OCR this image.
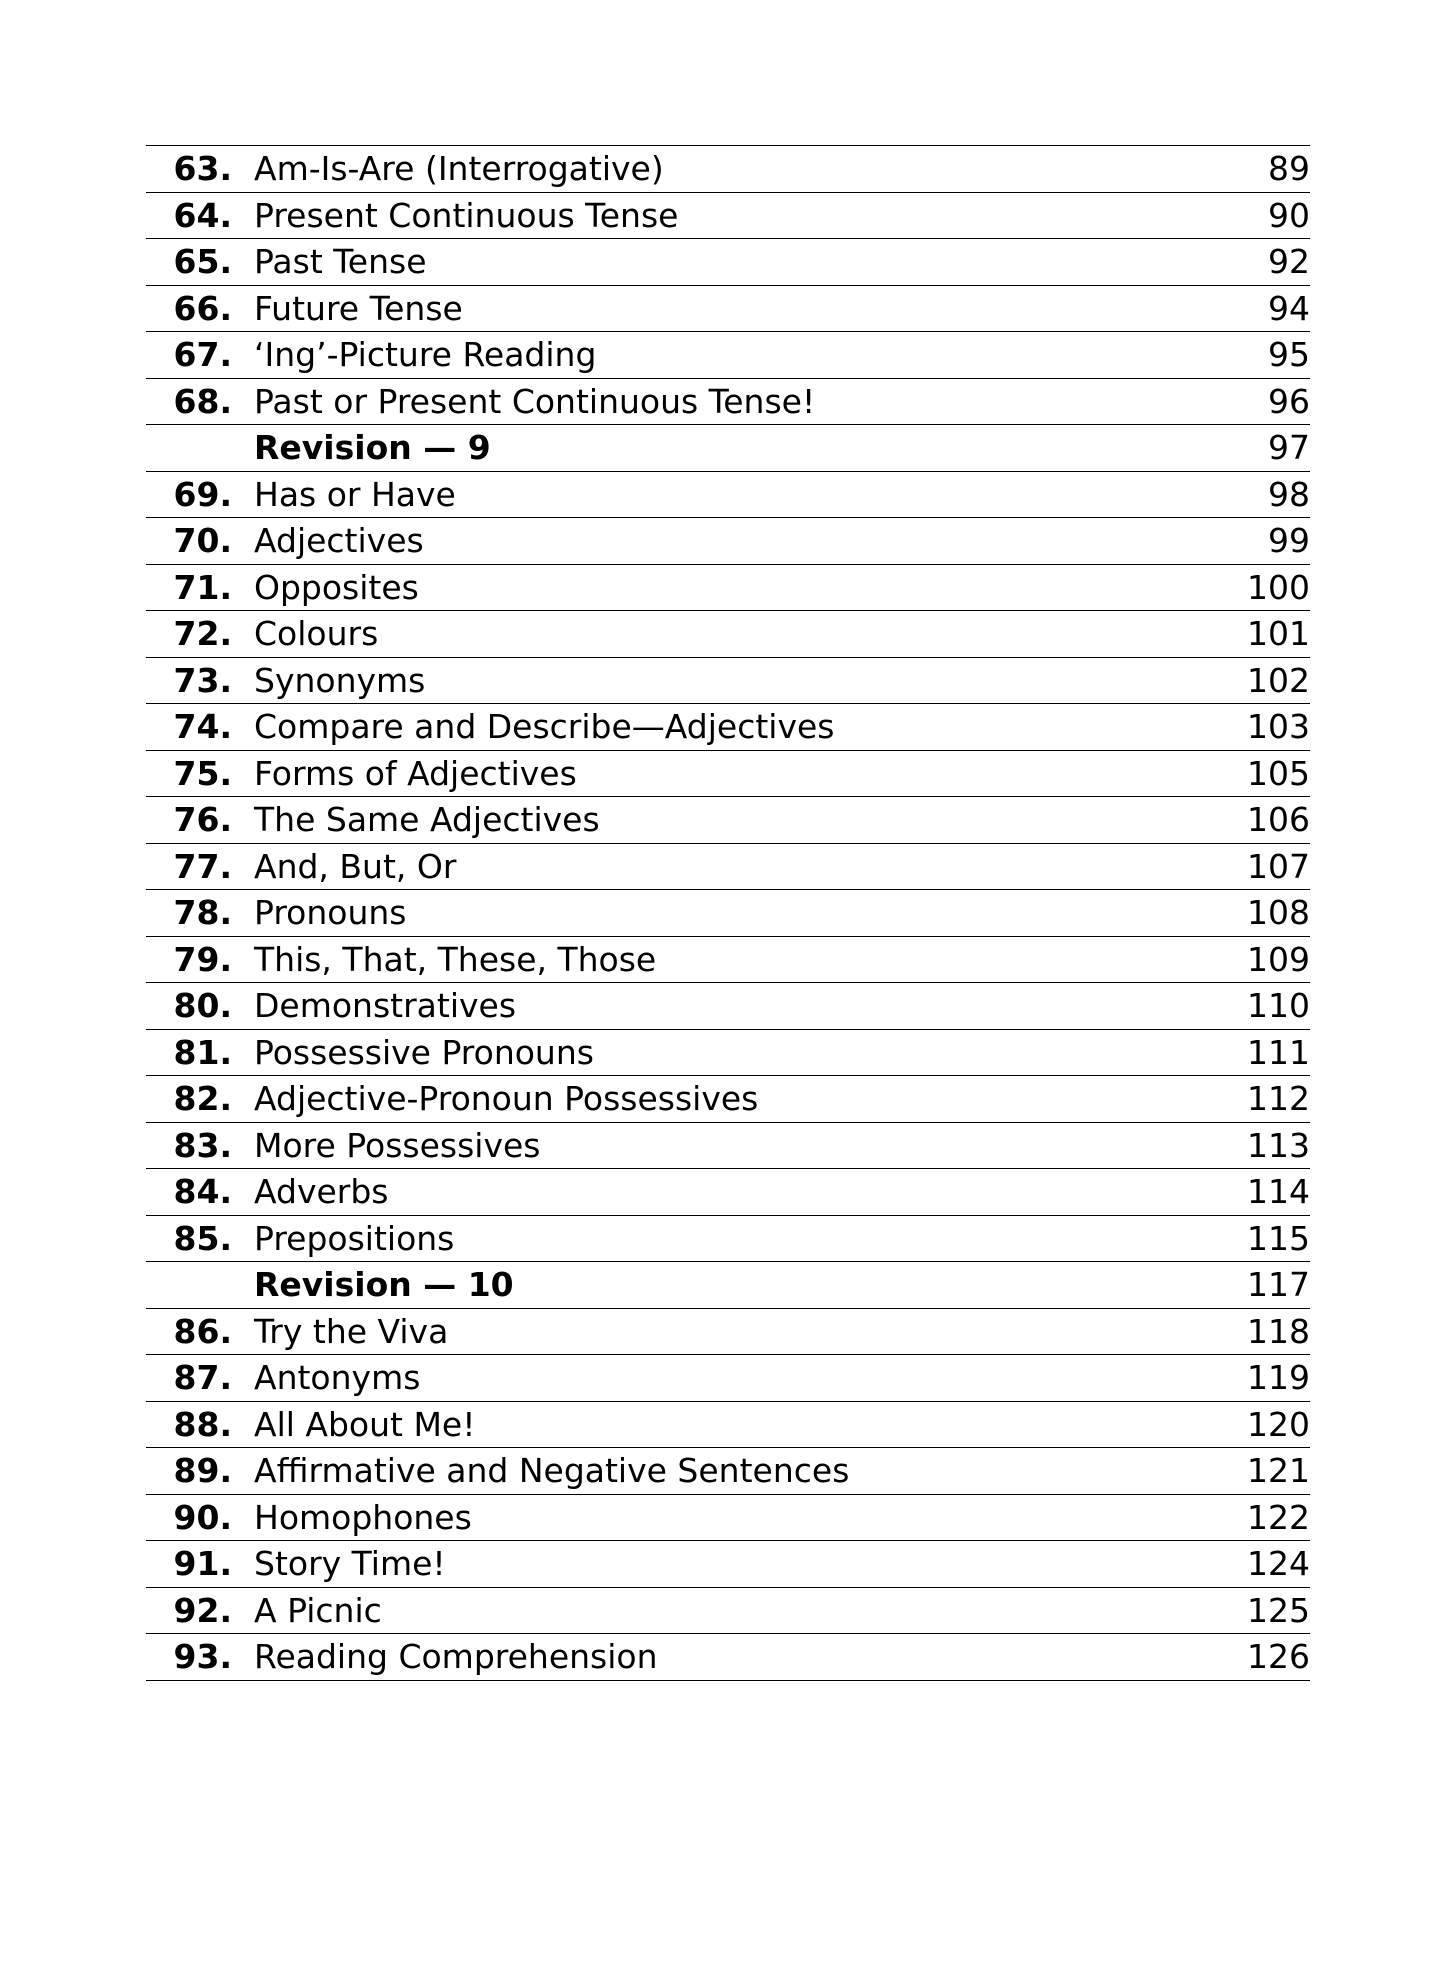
63. Am-Is-Are (Interrogative)	89
64. Present Continuous Tense	90
65. Past Tense	92
66. Future Tense	94
67. ‘Ing’-Picture Reading	95
68. Past or Present Continuous Tense!	96
Revision — 9	97
69. Has or Have	98
70. Adjectives	99
71. Opposites	100
72. Colours	101
73. Synonyms	102
74. Compare and Describe—Adjectives	103
75. Forms of Adjectives	105
76. The Same Adjectives	106
77. And, But, Or	107
78. Pronouns	108
79. This, That, These, Those	109
80. Demonstratives	110
81. Possessive Pronouns	111
82. Adjective-Pronoun Possessives	112
83. More Possessives	113
84. Adverbs	114
85. Prepositions	115
Revision — 10	117
86. Try the Viva	118
87. Antonyms	119
88. All About Me!	120
89. Affirmative and Negative Sentences	121
90. Homophones	122
91. Story Time!	124
92. A Picnic	125
93. Reading Comprehension	126
